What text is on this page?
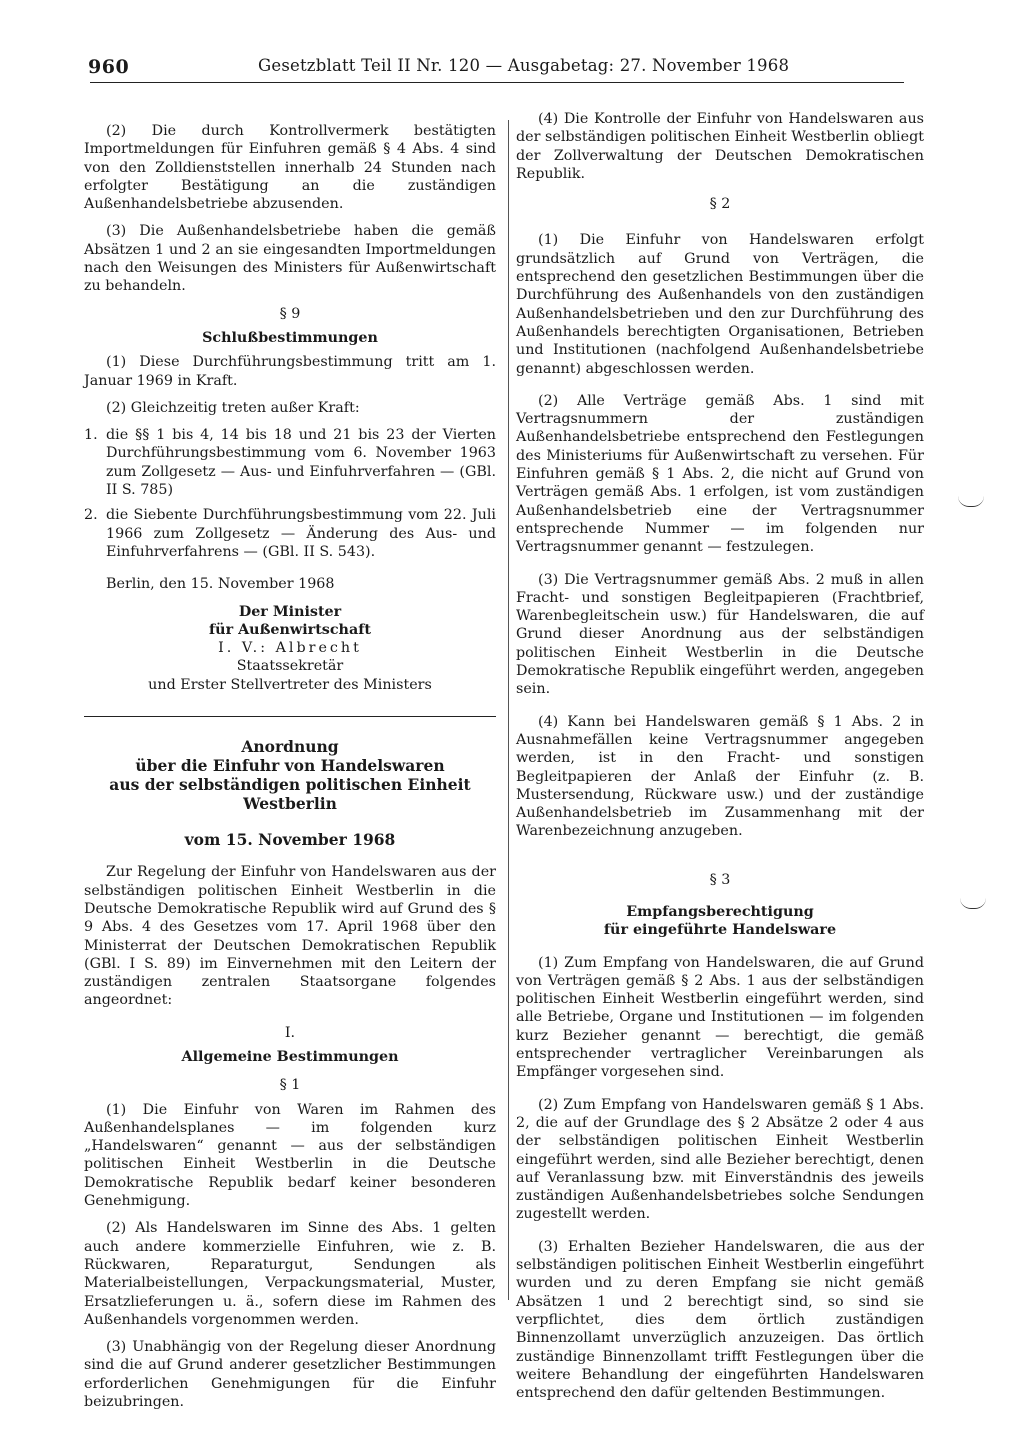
960	Gesetzblatt Teil II Nr. 120 — Ausgabetag: 27. November 1968

(2) Die durch Kontrollvermerk bestätigten Importmeldungen für Einfuhren gemäß § 4 Abs. 4 sind von den Zolldienststellen innerhalb 24 Stunden nach erfolgter Bestätigung an die zuständigen Außenhandelsbetriebe abzusenden.

(3) Die Außenhandelsbetriebe haben die gemäß Absätzen 1 und 2 an sie eingesandten Importmeldungen nach den Weisungen des Ministers für Außenwirtschaft zu behandeln.

§ 9
Schlußbestimmungen

(1) Diese Durchführungsbestimmung tritt am 1. Januar 1969 in Kraft.

(2) Gleichzeitig treten außer Kraft:

1. die §§ 1 bis 4, 14 bis 18 und 21 bis 23 der Vierten Durchführungsbestimmung vom 6. November 1963 zum Zollgesetz — Aus- und Einfuhrverfahren — (GBl. II S. 785)
2. die Siebente Durchführungsbestimmung vom 22. Juli 1966 zum Zollgesetz — Änderung des Aus- und Einfuhrverfahrens — (GBl. II S. 543).

Berlin, den 15. November 1968

Der Minister
für Außenwirtschaft
I. V.: Albrecht
Staatssekretär
und Erster Stellvertreter des Ministers
Anordnung
über die Einfuhr von Handelswaren
aus der selbständigen politischen Einheit Westberlin
vom 15. November 1968

Zur Regelung der Einfuhr von Handelswaren aus der selbständigen politischen Einheit Westberlin in die Deutsche Demokratische Republik wird auf Grund des § 9 Abs. 4 des Gesetzes vom 17. April 1968 über den Ministerrat der Deutschen Demokratischen Republik (GBl. I S. 89) im Einvernehmen mit den Leitern der zuständigen zentralen Staatsorgane folgendes angeordnet:

I.
Allgemeine Bestimmungen
§ 1

(1) Die Einfuhr von Waren im Rahmen des Außenhandelsplanes — im folgenden kurz „Handelswaren“ genannt — aus der selbständigen politischen Einheit Westberlin in die Deutsche Demokratische Republik bedarf keiner besonderen Genehmigung.

(2) Als Handelswaren im Sinne des Abs. 1 gelten auch andere kommerzielle Einfuhren, wie z. B. Rückwaren, Reparaturgut, Sendungen als Materialbeistellungen, Verpackungsmaterial, Muster, Ersatzlieferungen u. ä., sofern diese im Rahmen des Außenhandels vorgenommen werden.

(3) Unabhängig von der Regelung dieser Anordnung sind die auf Grund anderer gesetzlicher Bestimmungen erforderlichen Genehmigungen für die Einfuhr beizubringen.

(4) Die Kontrolle der Einfuhr von Handelswaren aus der selbständigen politischen Einheit Westberlin obliegt der Zollverwaltung der Deutschen Demokratischen Republik.

§ 2

(1) Die Einfuhr von Handelswaren erfolgt grundsätzlich auf Grund von Verträgen, die entsprechend den gesetzlichen Bestimmungen über die Durchführung des Außenhandels von den zuständigen Außenhandelsbetrieben und den zur Durchführung des Außenhandels berechtigten Organisationen, Betrieben und Institutionen (nachfolgend Außenhandelsbetriebe genannt) abgeschlossen werden.

(2) Alle Verträge gemäß Abs. 1 sind mit Vertragsnummern der zuständigen Außenhandelsbetriebe entsprechend den Festlegungen des Ministeriums für Außenwirtschaft zu versehen. Für Einfuhren gemäß § 1 Abs. 2, die nicht auf Grund von Verträgen gemäß Abs. 1 erfolgen, ist vom zuständigen Außenhandelsbetrieb eine der Vertragsnummer entsprechende Nummer — im folgenden nur Vertragsnummer genannt — festzulegen.

(3) Die Vertragsnummer gemäß Abs. 2 muß in allen Fracht- und sonstigen Begleitpapieren (Frachtbrief, Warenbegleitschein usw.) für Handelswaren, die auf Grund dieser Anordnung aus der selbständigen politischen Einheit Westberlin in die Deutsche Demokratische Republik eingeführt werden, angegeben sein.

(4) Kann bei Handelswaren gemäß § 1 Abs. 2 in Ausnahmefällen keine Vertragsnummer angegeben werden, ist in den Fracht- und sonstigen Begleitpapieren der Anlaß der Einfuhr (z. B. Mustersendung, Rückware usw.) und der zuständige Außenhandelsbetrieb im Zusammenhang mit der Warenbezeichnung anzugeben.

§ 3
Empfangsberechtigung
für eingeführte Handelsware

(1) Zum Empfang von Handelswaren, die auf Grund von Verträgen gemäß § 2 Abs. 1 aus der selbständigen politischen Einheit Westberlin eingeführt werden, sind alle Betriebe, Organe und Institutionen — im folgenden kurz Bezieher genannt — berechtigt, die gemäß entsprechender vertraglicher Vereinbarungen als Empfänger vorgesehen sind.

(2) Zum Empfang von Handelswaren gemäß § 1 Abs. 2, die auf der Grundlage des § 2 Absätze 2 oder 4 aus der selbständigen politischen Einheit Westberlin eingeführt werden, sind alle Bezieher berechtigt, denen auf Veranlassung bzw. mit Einverständnis des jeweils zuständigen Außenhandelsbetriebes solche Sendungen zugestellt werden.

(3) Erhalten Bezieher Handelswaren, die aus der selbständigen politischen Einheit Westberlin eingeführt wurden und zu deren Empfang sie nicht gemäß Absätzen 1 und 2 berechtigt sind, so sind sie verpflichtet, dies dem örtlich zuständigen Binnenzollamt unverzüglich anzuzeigen. Das örtlich zuständige Binnenzollamt trifft Festlegungen über die weitere Behandlung der eingeführten Handelswaren entsprechend den dafür geltenden Bestimmungen.
